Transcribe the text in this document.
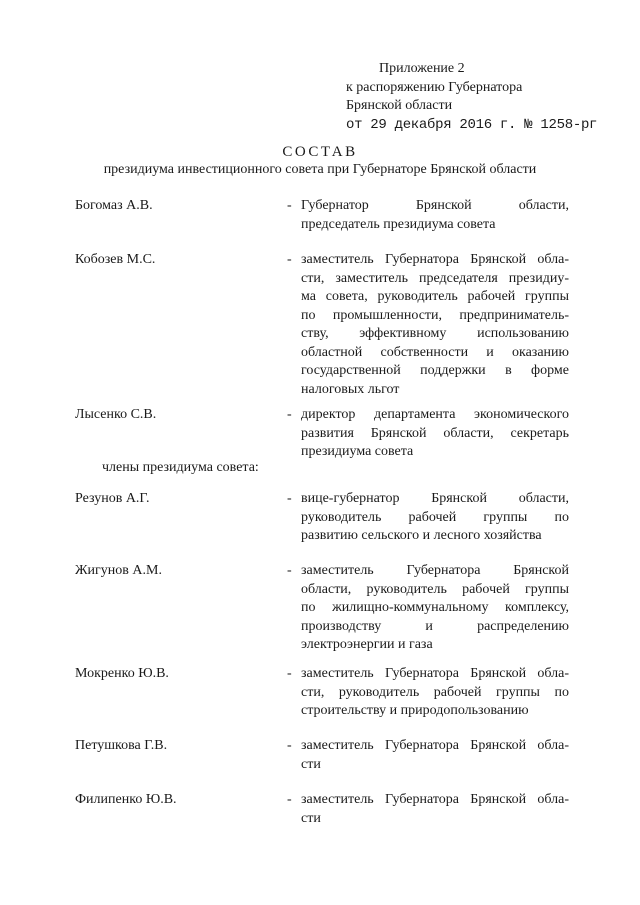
Приложение 2
к распоряжению Губернатора
Брянской области
от 29 декабря 2016 г. № 1258-рг
СОСТАВ
президиума инвестиционного совета при Губернаторе Брянской области
члены президиума совета:
Богомаз А.В.	- Губернатор Брянской области,
председатель президиума совета
Кобозев М.С.	- заместитель Губернатора Брянской обла-
сти, заместитель председателя президиу-
ма совета, руководитель рабочей группы
по промышленности, предприниматель-
ству, эффективному использованию
областной собственности и оказанию
государственной поддержки в форме
налоговых льгот
Лысенко С.В.	- директор департамента экономического
развития Брянской области, секретарь
президиума совета
Резунов А.Г.	- вице-губернатор Брянской области,
руководитель рабочей группы по
развитию сельского и лесного хозяйства
Жигунов А.М.	- заместитель Губернатора Брянской
области, руководитель рабочей группы
по жилищно-коммунальному комплексу,
производству и распределению
электроэнергии и газа
Мокренко Ю.В.	- заместитель Губернатора Брянской обла-
сти, руководитель рабочей группы по
строительству и природопользованию
Петушкова Г.В.	- заместитель Губернатора Брянской обла-
сти
Филипенко Ю.В.	- заместитель Губернатора Брянской обла-
сти
